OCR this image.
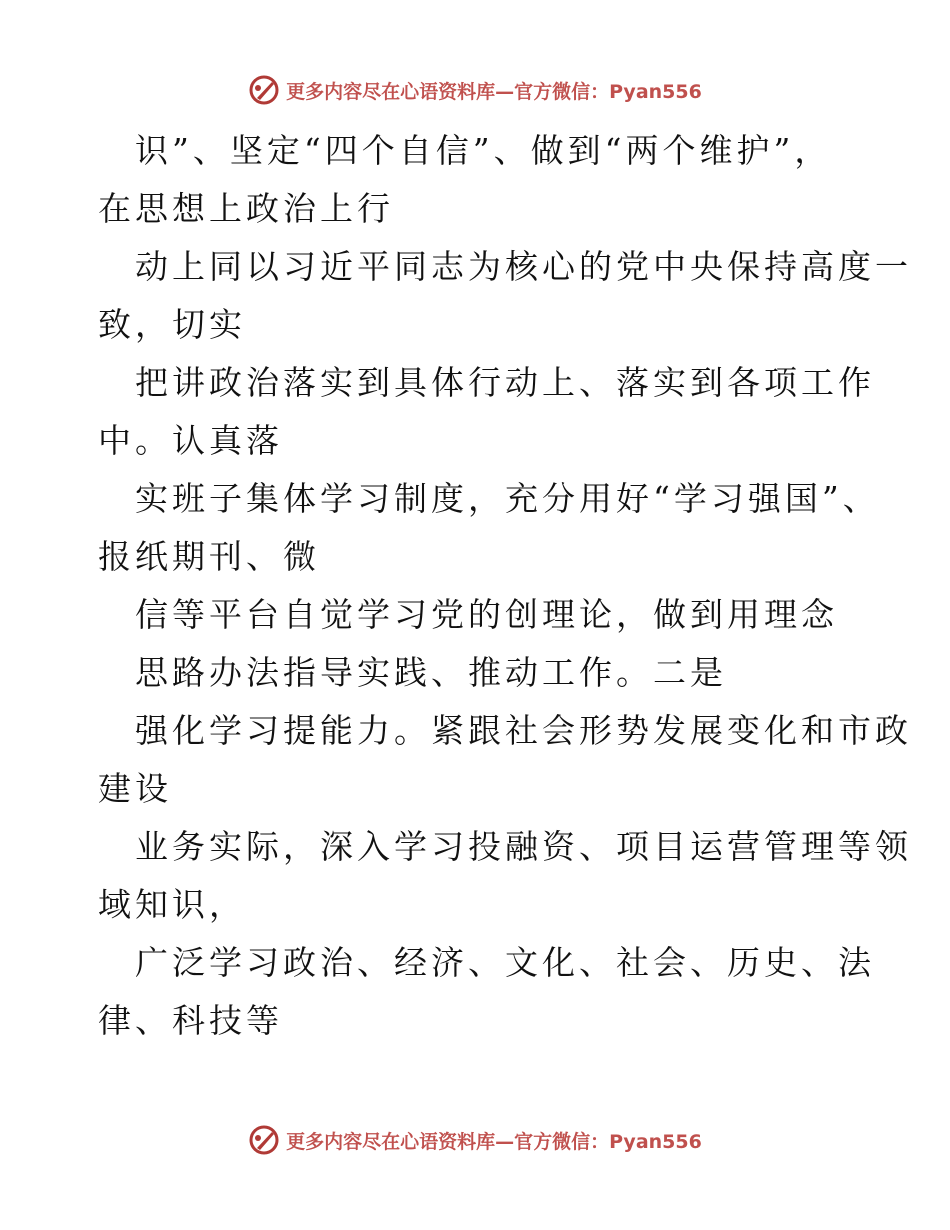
更多内容尽在心语资料库—官方微信：Pyan556
识”、坚定“四个自信”、做到“两个维护”，
在思想上政治上行
动上同以习近平同志为核心的党中央保持高度一
致，切实
把讲政治落实到具体行动上、落实到各项工作
中。认真落
实班子集体学习制度，充分用好“学习强国”、
报纸期刊、微
信等平台自觉学习党的创理论，做到用理念
思路办法指导实践、推动工作。二是
强化学习提能力。紧跟社会形势发展变化和市政
建设
业务实际，深入学习投融资、项目运营管理等领
域知识，
广泛学习政治、经济、文化、社会、历史、法
律、科技等
更多内容尽在心语资料库—官方微信：Pyan556
